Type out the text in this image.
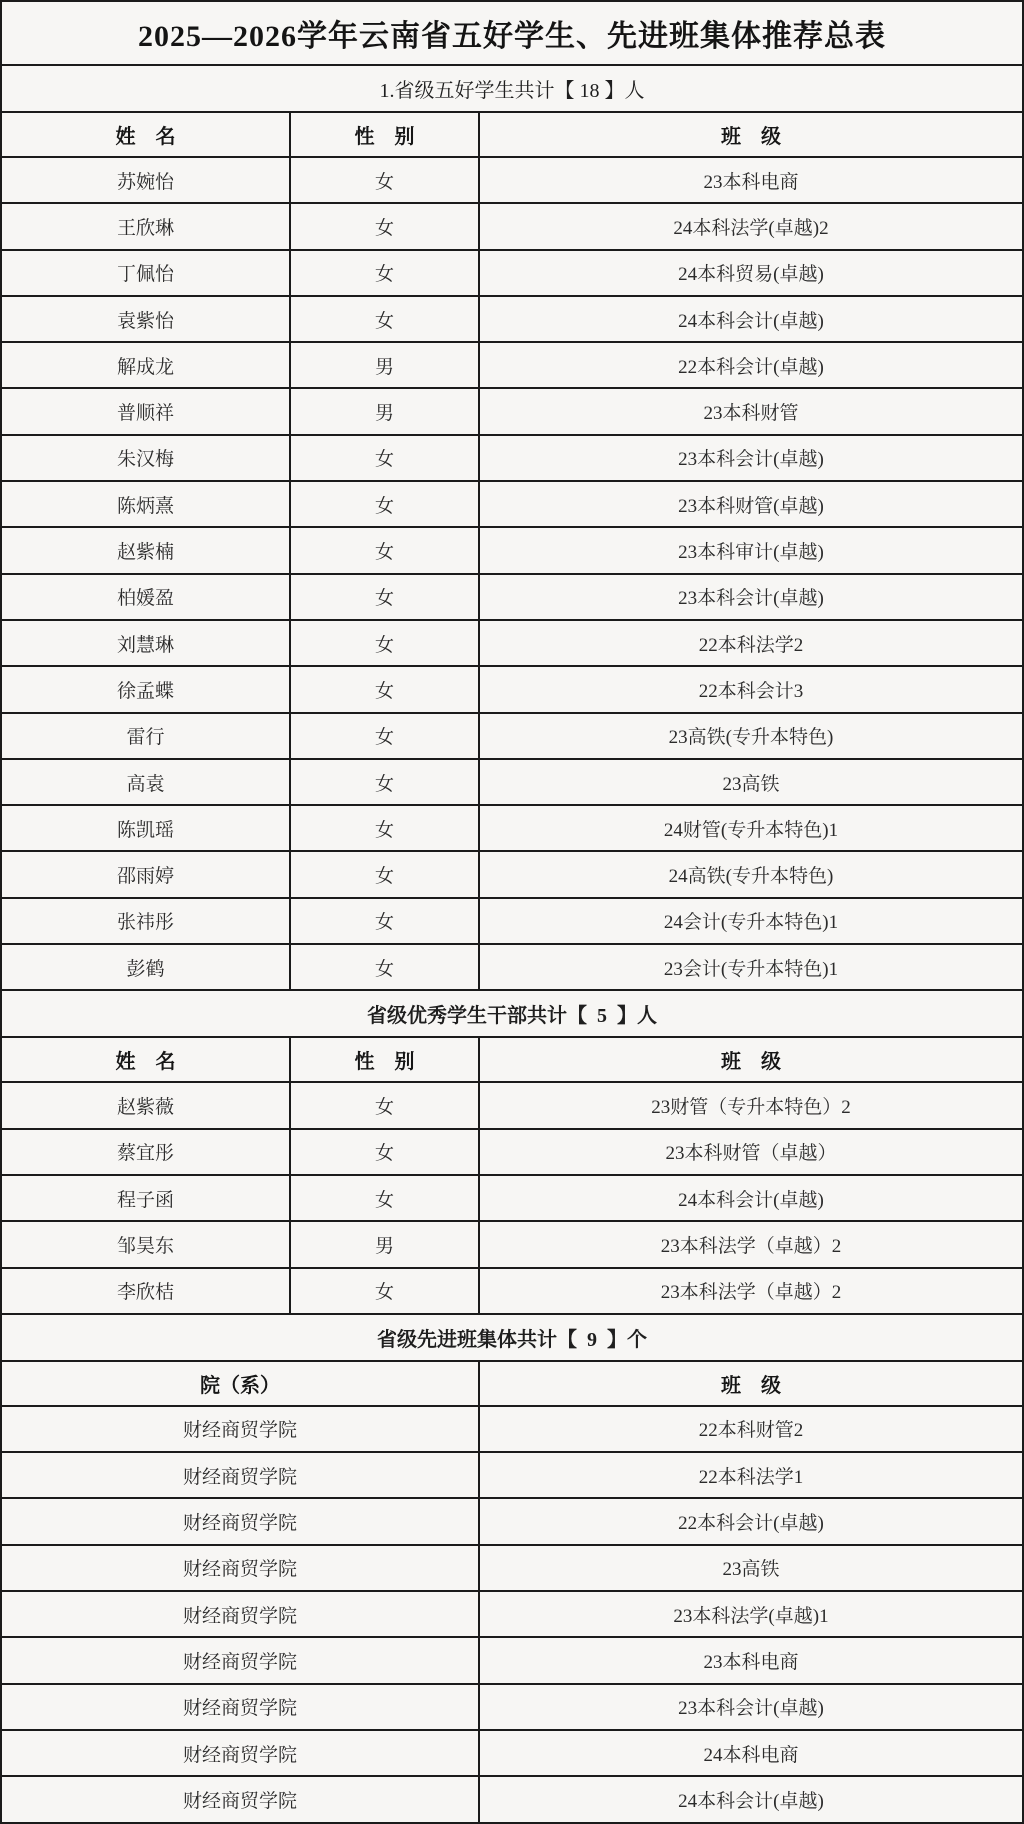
2025—2026学年云南省五好学生、先进班集体推荐总表
1.省级五好学生共计【 18 】人
姓    名	性    别	班    级
苏婉怡	女	23本科电商
王欣琳	女	24本科法学(卓越)2
丁佩怡	女	24本科贸易(卓越)
袁紫怡	女	24本科会计(卓越)
解成龙	男	22本科会计(卓越)
普顺祥	男	23本科财管
朱汉梅	女	23本科会计(卓越)
陈炳熹	女	23本科财管(卓越)
赵紫楠	女	23本科审计(卓越)
柏媛盈	女	23本科会计(卓越)
刘慧琳	女	22本科法学2
徐孟蝶	女	22本科会计3
雷行	女	23高铁(专升本特色)
高袁	女	23高铁
陈凯瑶	女	24财管(专升本特色)1
邵雨婷	女	24高铁(专升本特色)
张祎彤	女	24会计(专升本特色)1
彭鹤	女	23会计(专升本特色)1
省级优秀学生干部共计【  5  】人
姓    名	性    别	班    级
赵紫薇	女	23财管（专升本特色）2
蔡宜彤	女	23本科财管（卓越）
程子函	女	24本科会计(卓越)
邹昊东	男	23本科法学（卓越）2
李欣桔	女	23本科法学（卓越）2
省级先进班集体共计【  9  】个
院（系）	班    级
财经商贸学院	22本科财管2
财经商贸学院	22本科法学1
财经商贸学院	22本科会计(卓越)
财经商贸学院	23高铁
财经商贸学院	23本科法学(卓越)1
财经商贸学院	23本科电商
财经商贸学院	23本科会计(卓越)
财经商贸学院	24本科电商
财经商贸学院	24本科会计(卓越)
